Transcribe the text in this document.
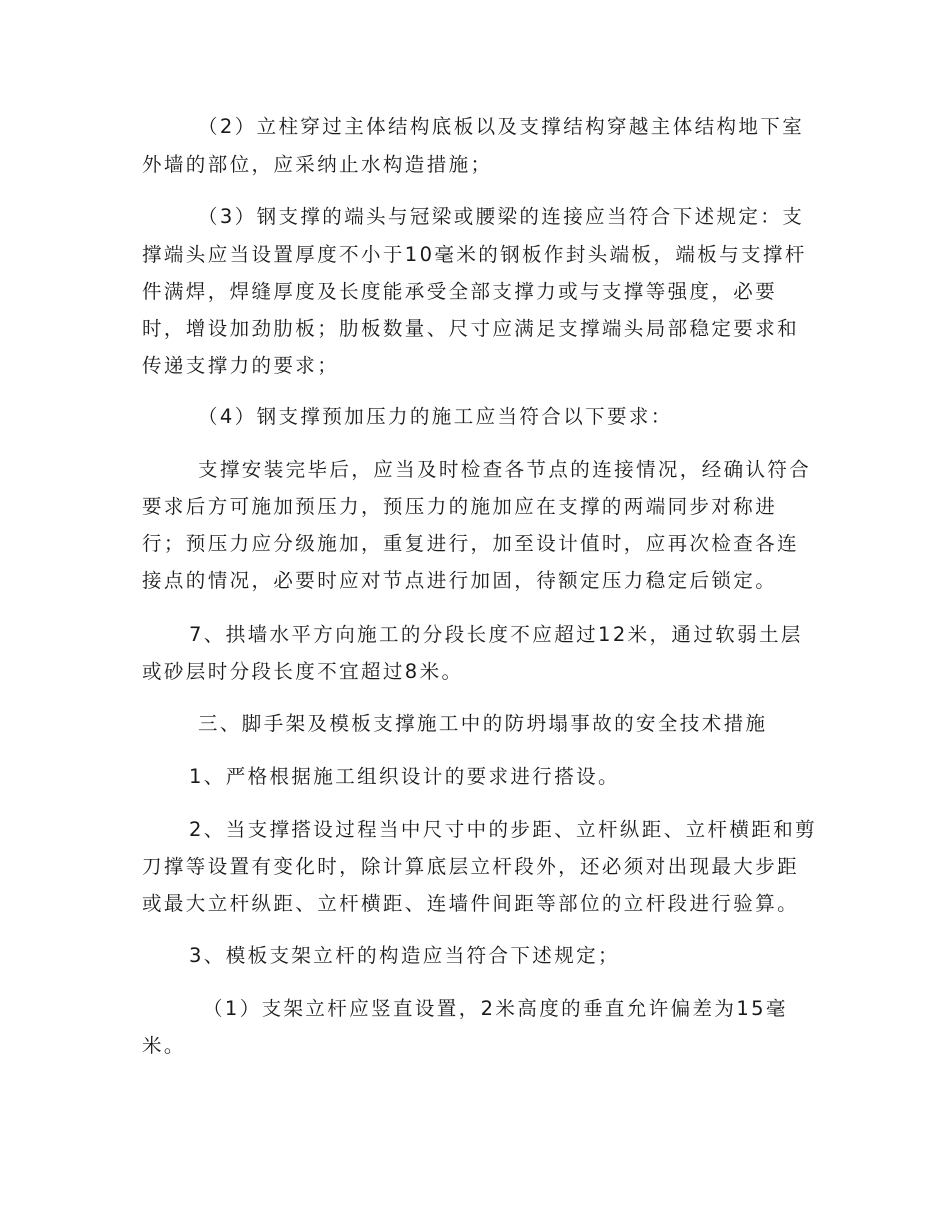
（2）立柱穿过主体结构底板以及支撑结构穿越主体结构地下室
外墙的部位，应采纳止水构造措施；
（3）钢支撑的端头与冠梁或腰梁的连接应当符合下述规定：支
撑端头应当设置厚度不小于10毫米的钢板作封头端板，端板与支撑杆
件满焊，焊缝厚度及长度能承受全部支撑力或与支撑等强度，必要
时，增设加劲肋板；肋板数量、尺寸应满足支撑端头局部稳定要求和
传递支撑力的要求；
（4）钢支撑预加压力的施工应当符合以下要求：
支撑安装完毕后，应当及时检查各节点的连接情况，经确认符合
要求后方可施加预压力，预压力的施加应在支撑的两端同步对称进
行；预压力应分级施加，重复进行，加至设计值时，应再次检查各连
接点的情况，必要时应对节点进行加固，待额定压力稳定后锁定。
7、拱墙水平方向施工的分段长度不应超过12米，通过软弱土层
或砂层时分段长度不宜超过8米。
三、脚手架及模板支撑施工中的防坍塌事故的安全技术措施
1、严格根据施工组织设计的要求进行搭设。
2、当支撑搭设过程当中尺寸中的步距、立杆纵距、立杆横距和剪
刀撑等设置有变化时，除计算底层立杆段外，还必须对出现最大步距
或最大立杆纵距、立杆横距、连墙件间距等部位的立杆段进行验算。
3、模板支架立杆的构造应当符合下述规定；
（1）支架立杆应竖直设置，2米高度的垂直允许偏差为15毫
米。
